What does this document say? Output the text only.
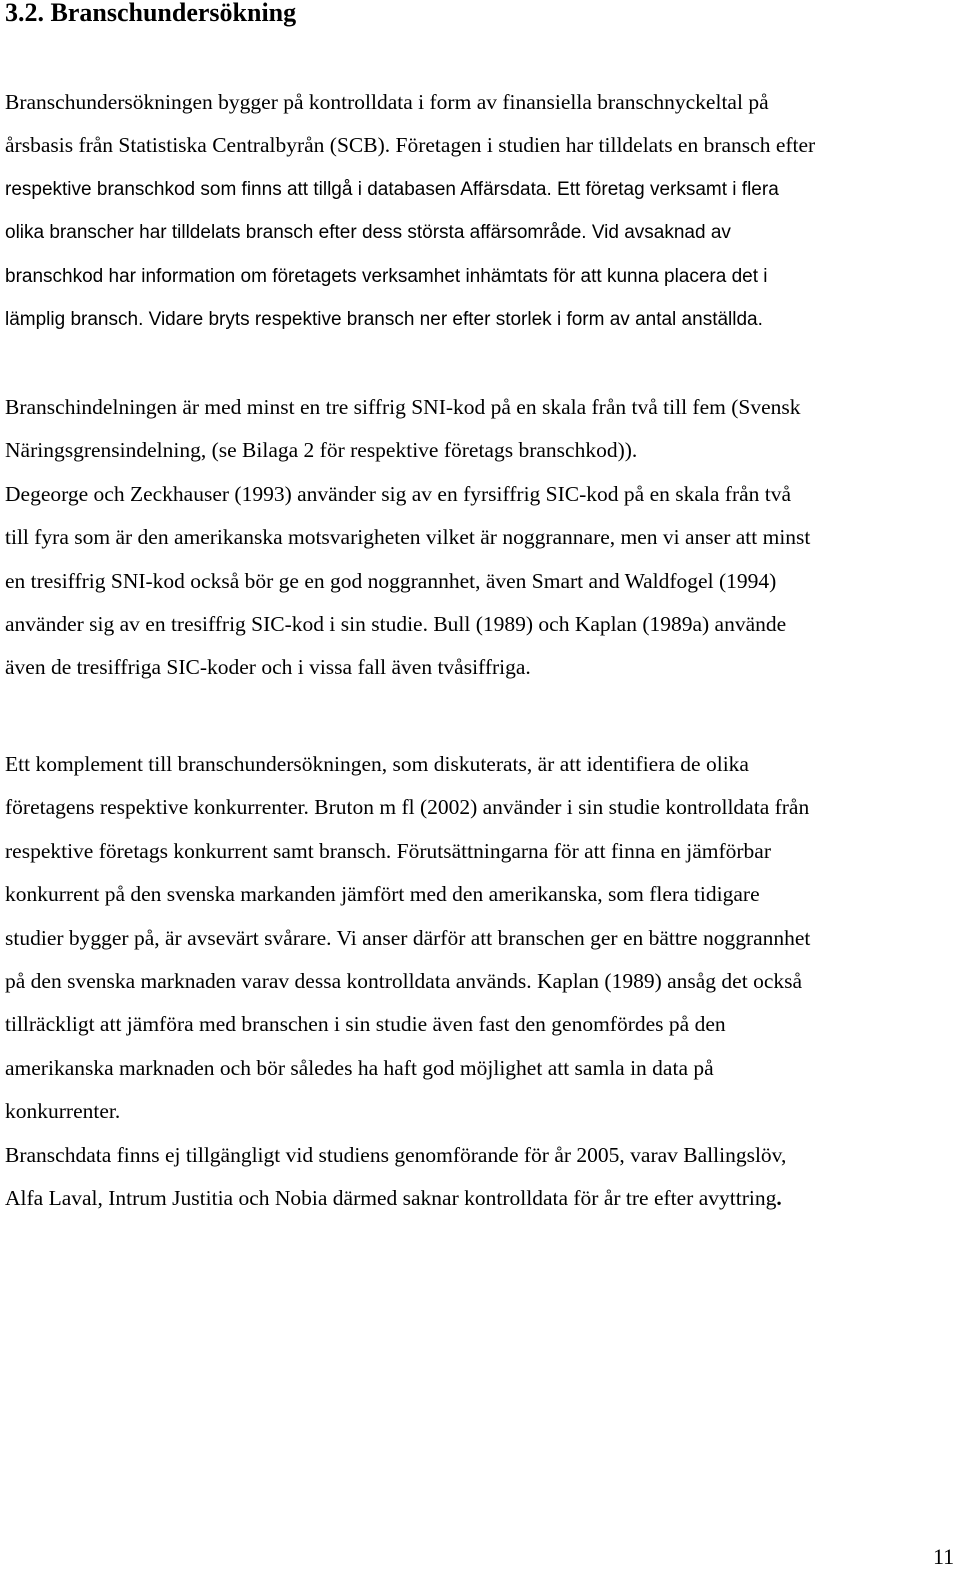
3.2. Branschundersökning
Branschundersökningen bygger på kontrolldata i form av finansiella branschnyckeltal på
årsbasis från Statistiska Centralbyrån (SCB). Företagen i studien har tilldelats en bransch efter
respektive branschkod som finns att tillgå i databasen Affärsdata. Ett företag verksamt i flera
olika branscher har tilldelats bransch efter dess största affärsområde. Vid avsaknad av
branschkod har information om företagets verksamhet inhämtats för att kunna placera det i
lämplig bransch. Vidare bryts respektive bransch ner efter storlek i form av antal anställda.
Branschindelningen är med minst en tre siffrig SNI-kod på en skala från två till fem (Svensk
Näringsgrensindelning, (se Bilaga 2 för respektive företags branschkod)).
Degeorge och Zeckhauser (1993) använder sig av en fyrsiffrig SIC-kod på en skala från två
till fyra som är den amerikanska motsvarigheten vilket är noggrannare, men vi anser att minst
en tresiffrig SNI-kod också bör ge en god noggrannhet, även Smart and Waldfogel (1994)
använder sig av en tresiffrig SIC-kod i sin studie. Bull (1989) och Kaplan (1989a) använde
även de tresiffriga SIC-koder och i vissa fall även tvåsiffriga.
Ett komplement till branschundersökningen, som diskuterats, är att identifiera de olika
företagens respektive konkurrenter. Bruton m fl (2002) använder i sin studie kontrolldata från
respektive företags konkurrent samt bransch. Förutsättningarna för att finna en jämförbar
konkurrent på den svenska markanden jämfört med den amerikanska, som flera tidigare
studier bygger på, är avsevärt svårare. Vi anser därför att branschen ger en bättre noggrannhet
på den svenska marknaden varav dessa kontrolldata används. Kaplan (1989) ansåg det också
tillräckligt att jämföra med branschen i sin studie även fast den genomfördes på den
amerikanska marknaden och bör således ha haft god möjlighet att samla in data på
konkurrenter.
Branschdata finns ej tillgängligt vid studiens genomförande för år 2005, varav Ballingslöv,
Alfa Laval, Intrum Justitia och Nobia därmed saknar kontrolldata för år tre efter avyttring.
11
